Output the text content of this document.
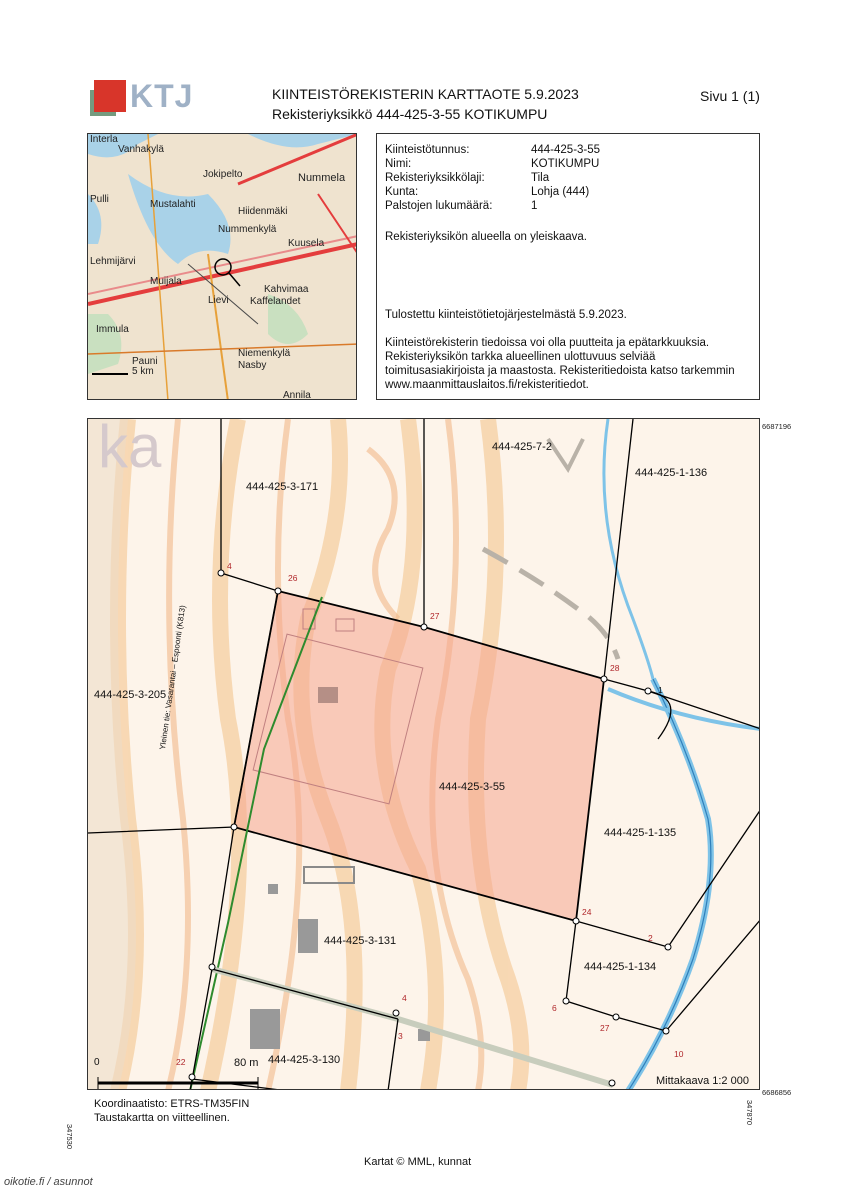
KTJ	KIINTEISTÖREKISTERIN KARTTAOTE 5.9.2023
Rekisteriyksikkö 444-425-3-55 KOTIKUMPU
Sivu 1 (1)
Vanhakylä
Jokipelto	Nummela
Mustalahti
Hiidenmäki
Nummenkylä
Kuusela
Muijala
Lievi
Kahvimaa
Kaffelandet
Immula
Pauni
Niemenkylä
Nasby
Annila
Pulli
Lehmijärvi
Interla
5 km
Kiinteistötunnus:	444-425-3-55
Nimi:	KOTIKUMPU
Rekisteriyksikkölaji:	Tila
Kunta:	Lohja (444)
Palstojen lukumäärä:	1

Rekisteriyksikön alueella on yleiskaava.

Tulostettu kiinteistötietojärjestelmästä 5.9.2023.

Kiinteistörekisterin tiedoissa voi olla puutteita ja epätarkkuuksia.

Rekisteriyksikön tarkka alueellinen ulottuvuus selviää

toimitusasiakirjoista ja maastosta. Rekisteritiedoista katso tarkemmin

www.maanmittauslaitos.fi/rekisteritiedot.

ka	444-425-7-2
444-425-1-136
444-425-3-171
444-425-3-205
444-425-3-55
444-425-1-135
444-425-3-131
444-425-1-134
444-425-3-130
4
26
27
28
1
24
2
6
27
10
4
3
22
Yleinen tie: Vasarantai – Espoonti (K813)
0	80 m
Mittakaava 1:2 000
6687196
6686856
347530
347870
Koordinaatisto: ETRS-TM35FIN
Taustakartta on viitteellinen.
Kartat © MML, kunnat
oikotie.fi / asunnot
